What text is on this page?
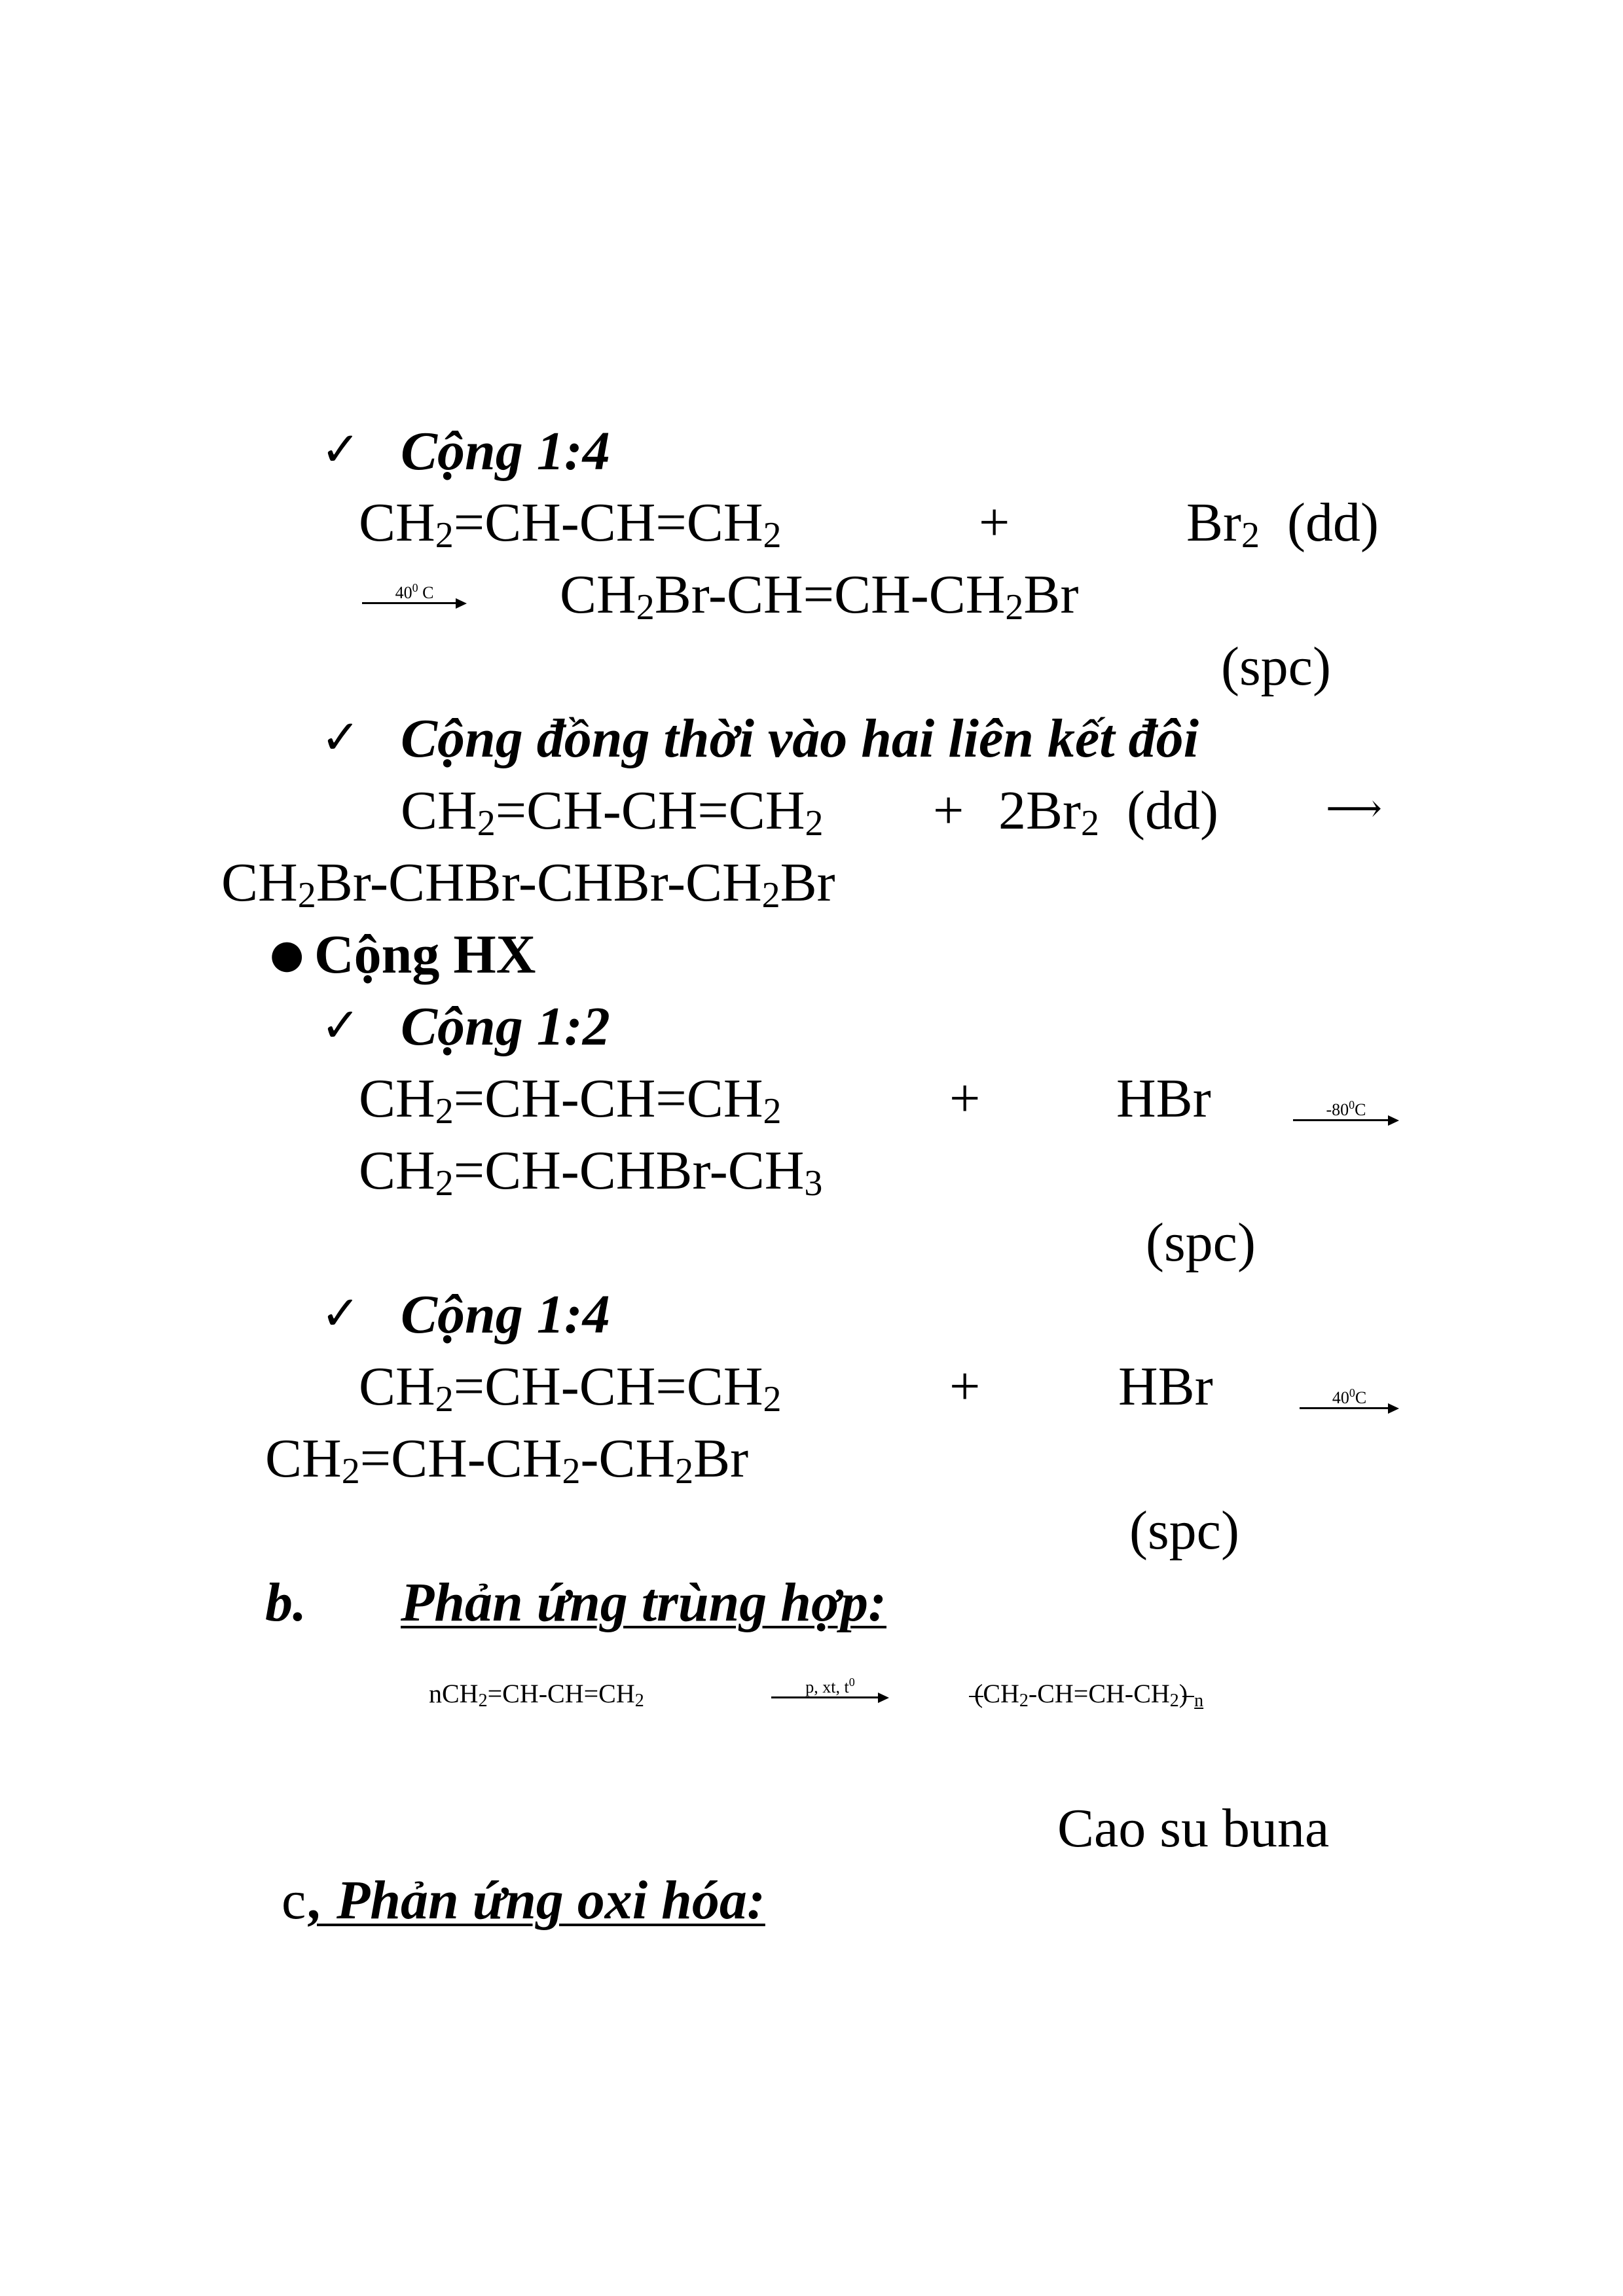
✓ Cộng 1:4
$CH_2=CH-CH=CH_2$	+	$Br_2$ (dd)
$40^0$ C	$CH_2Br-CH=CH-CH_2Br$
(spc)
✓ Cộng đồng thời vào hai liên kết đôi
$CH_2=CH-CH=CH_2 + 2Br_2$ (dd)	⟶
$CH_2Br-CHBr-CHBr-CH_2Br$
● Cộng HX
✓ Cộng 1:2
$CH_2=CH-CH=CH_2$	+ HBr	$-80^0C$
$CH_2=CH-CHBr-CH_3$
(spc)
✓ Cộng 1:4
$CH_2=CH-CH=CH_2$	+	HBr	$40^0C$
$CH_2=CH-CH_2-CH_2Br$
(spc)
b. Phản ứng trùng hợp:
$nCH_2=CH-CH=CH_2$
p, xt, $t^0$	$(CH_2-CH=CH-CH_2)$ $_n$
Cao su buna
c , Phản ứng oxi hóa:
